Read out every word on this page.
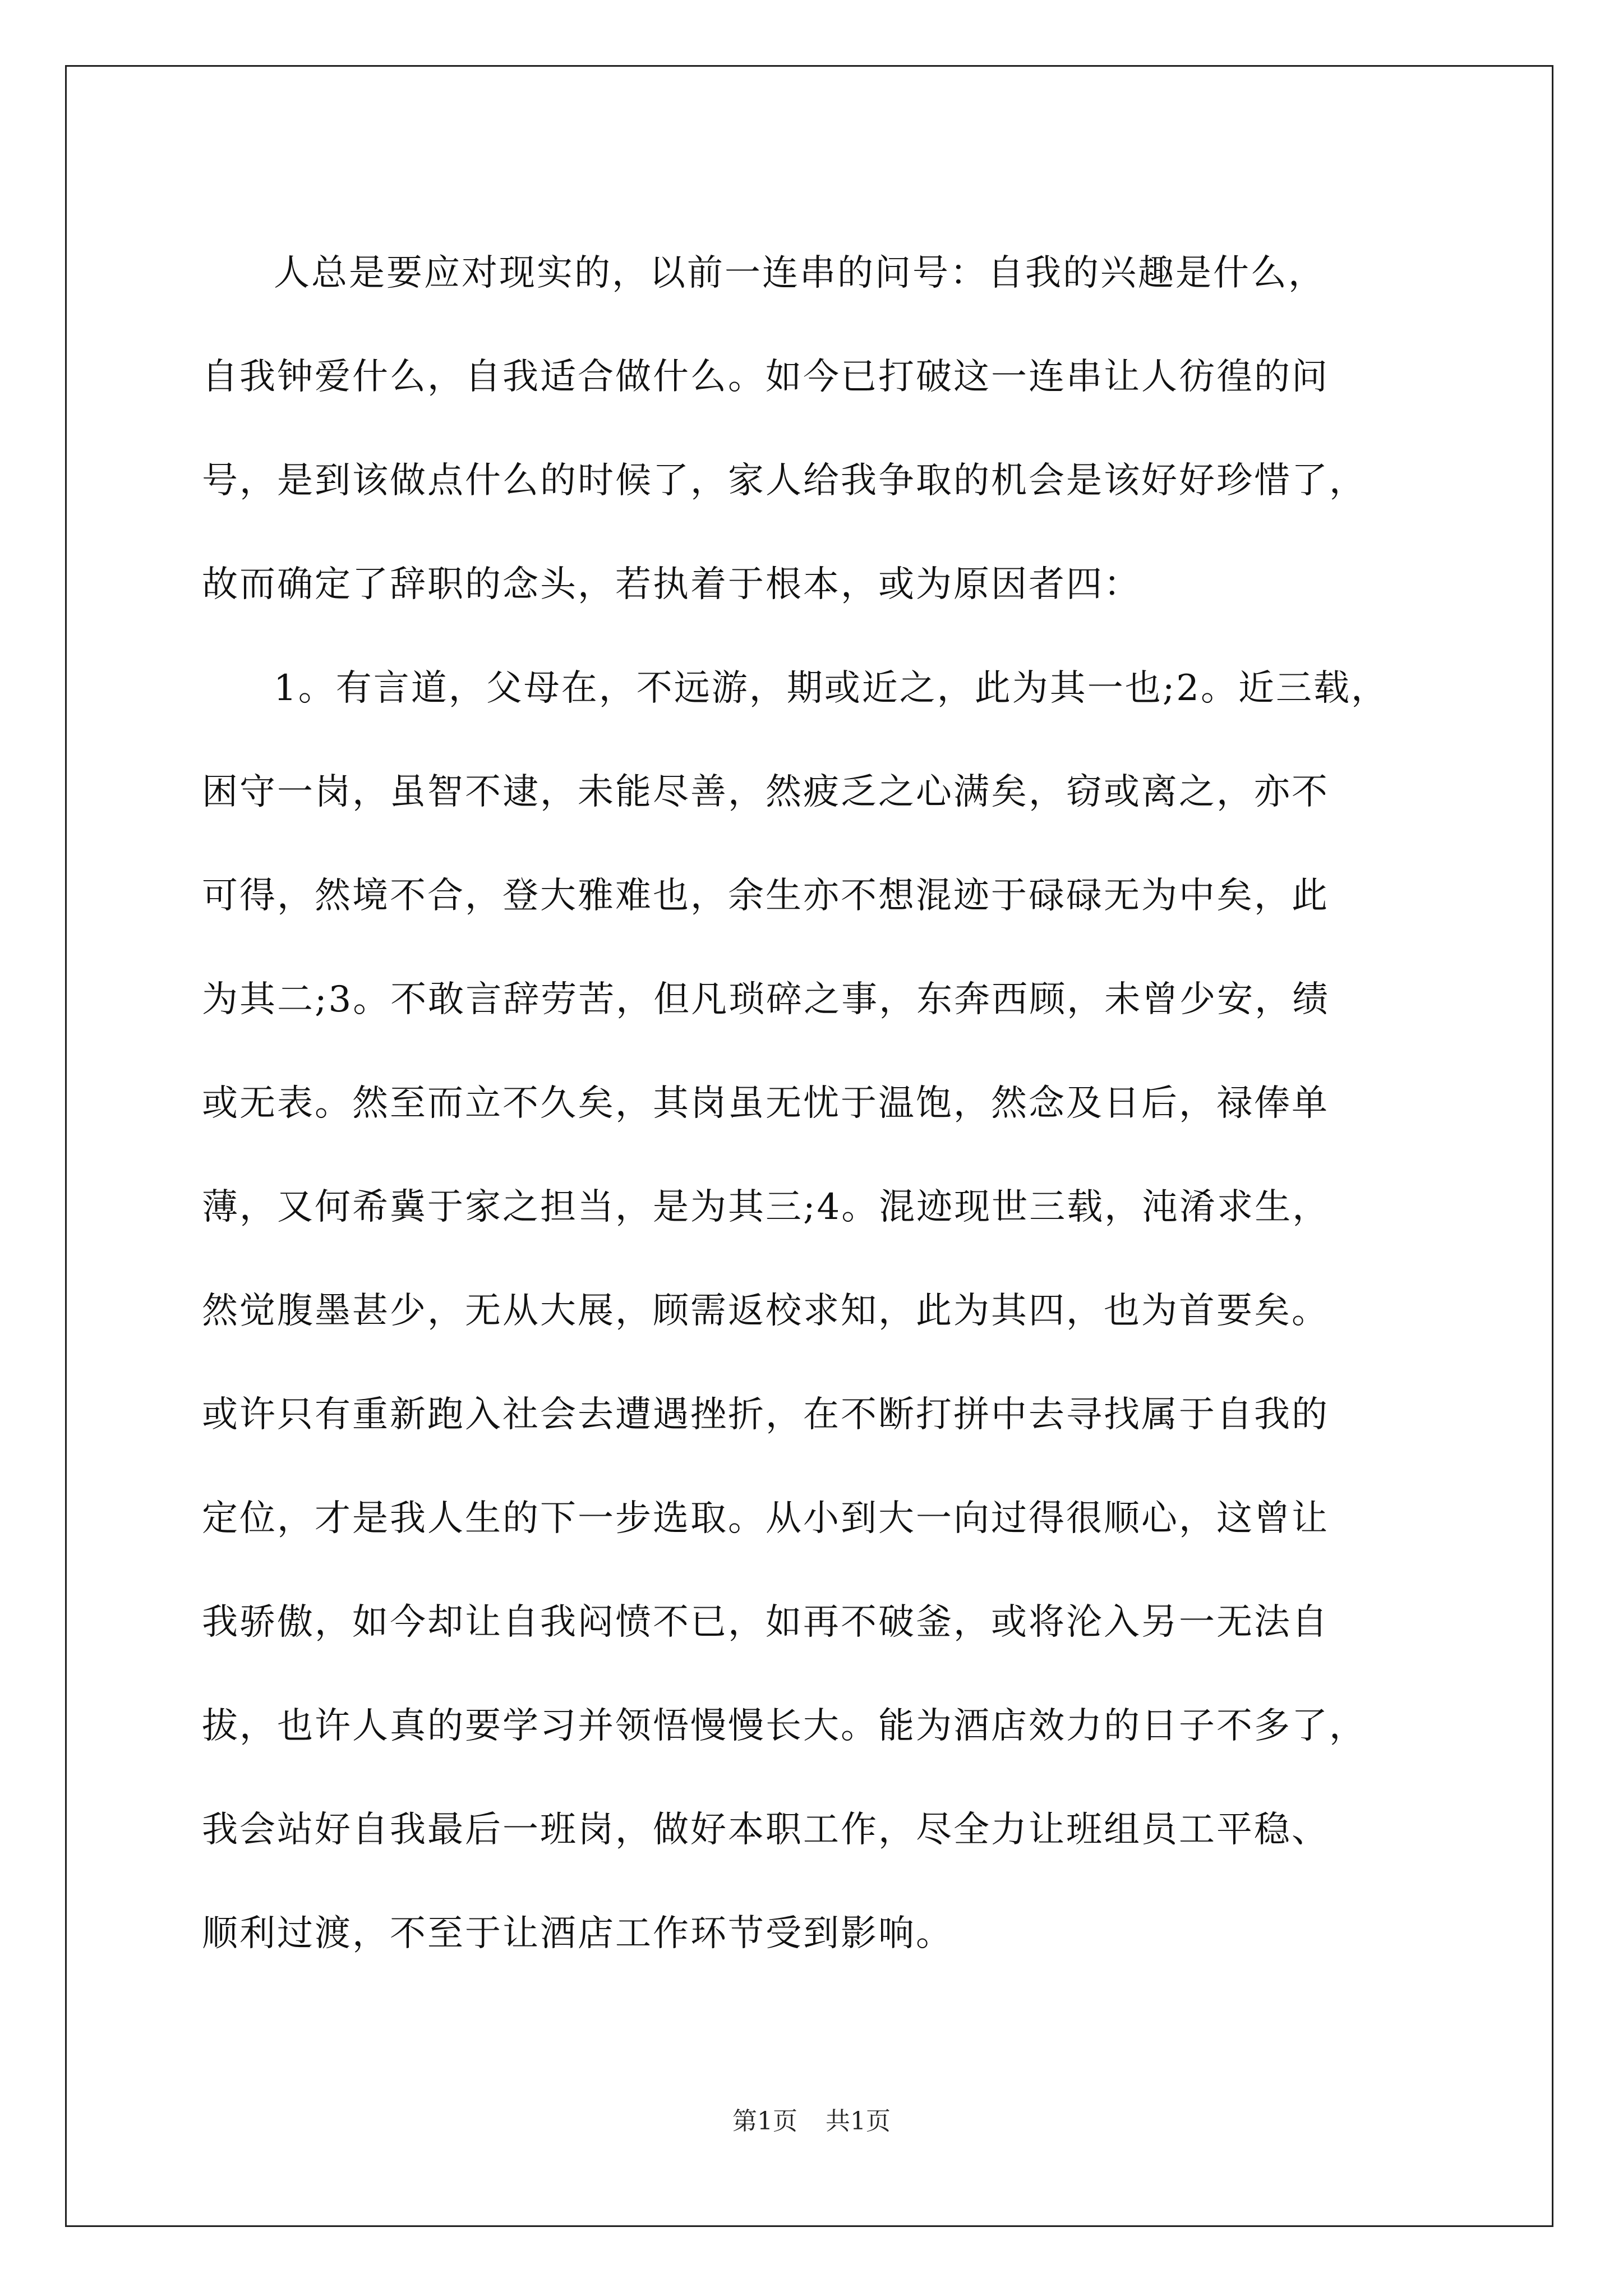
人总是要应对现实的，以前一连串的问号：自我的兴趣是什么，
自我钟爱什么，自我适合做什么。如今已打破这一连串让人彷徨的问
号，是到该做点什么的时候了，家人给我争取的机会是该好好珍惜了，
故而确定了辞职的念头，若执着于根本，或为原因者四：
1。有言道，父母在，不远游，期或近之，此为其一也;2。近三载，
困守一岗，虽智不逮，未能尽善，然疲乏之心满矣，窃或离之，亦不
可得，然境不合，登大雅难也，余生亦不想混迹于碌碌无为中矣，此
为其二;3。不敢言辞劳苦，但凡琐碎之事，东奔西顾，未曾少安，绩
或无表。然至而立不久矣，其岗虽无忧于温饱，然念及日后，禄俸单
薄，又何希冀于家之担当，是为其三;4。混迹现世三载，沌淆求生，
然觉腹墨甚少，无从大展，顾需返校求知，此为其四，也为首要矣。
或许只有重新跑入社会去遭遇挫折，在不断打拼中去寻找属于自我的
定位，才是我人生的下一步选取。从小到大一向过得很顺心，这曾让
我骄傲，如今却让自我闷愤不已，如再不破釜，或将沦入另一无法自
拔，也许人真的要学习并领悟慢慢长大。能为酒店效力的日子不多了，
我会站好自我最后一班岗，做好本职工作，尽全力让班组员工平稳、
顺利过渡，不至于让酒店工作环节受到影响。
第1页 共1页
